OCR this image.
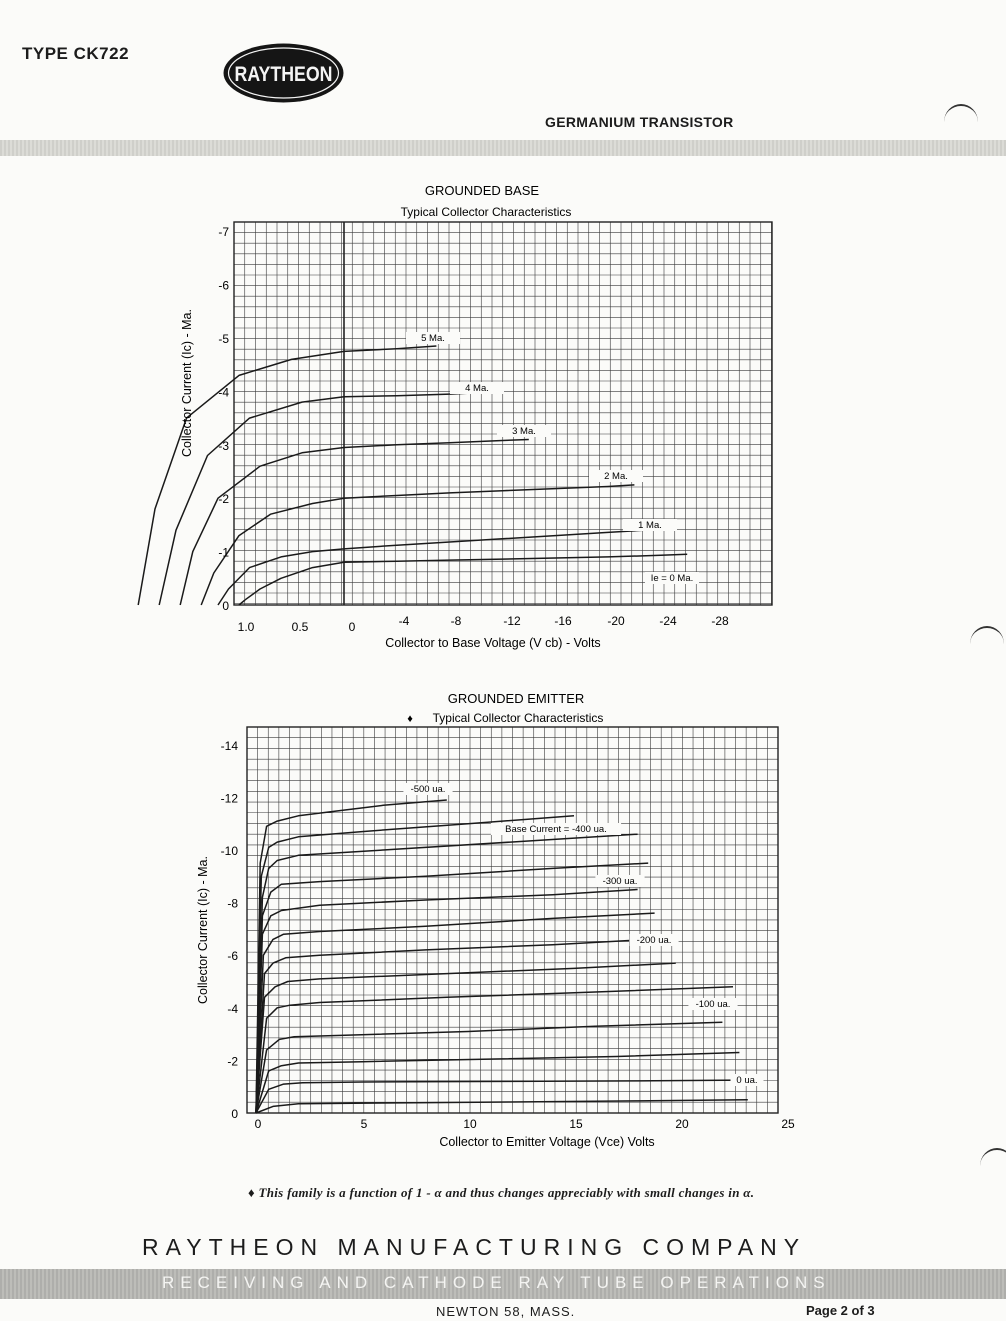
TYPE CK722
RAYTHEON
GERMANIUM TRANSISTOR
GROUNDED BASE
Typical Collector Characteristics
1.0	0.5	0	-4	-8	-12	-16	-20	-24	-28
0
-1
-2
-3
-4
-5
-6
-7
Ie = 0 Ma.
1 Ma.
2 Ma.
3 Ma.
4 Ma.
5 Ma.
Collector to Base Voltage (V cb) - Volts
Collector Current (Ic) - Ma.
GROUNDED EMITTER
Typical Collector Characteristics
♦
0	5	10	15	20	25
0
-2
-4
-6
-8
-10
-12
-14
-500 ua.
Base Current = -400 ua.
-300 ua.
-200 ua.
-100 ua.
0 ua.
Collector to Emitter Voltage (Vce) Volts
Collector Current (Ic) - Ma.
♦ This family is a function of 1 - α and thus changes appreciably with small changes in α.
RAYTHEON MANUFACTURING COMPANY
RECEIVING AND CATHODE RAY TUBE OPERATIONS
NEWTON 58, MASS.	Page 2 of 3
